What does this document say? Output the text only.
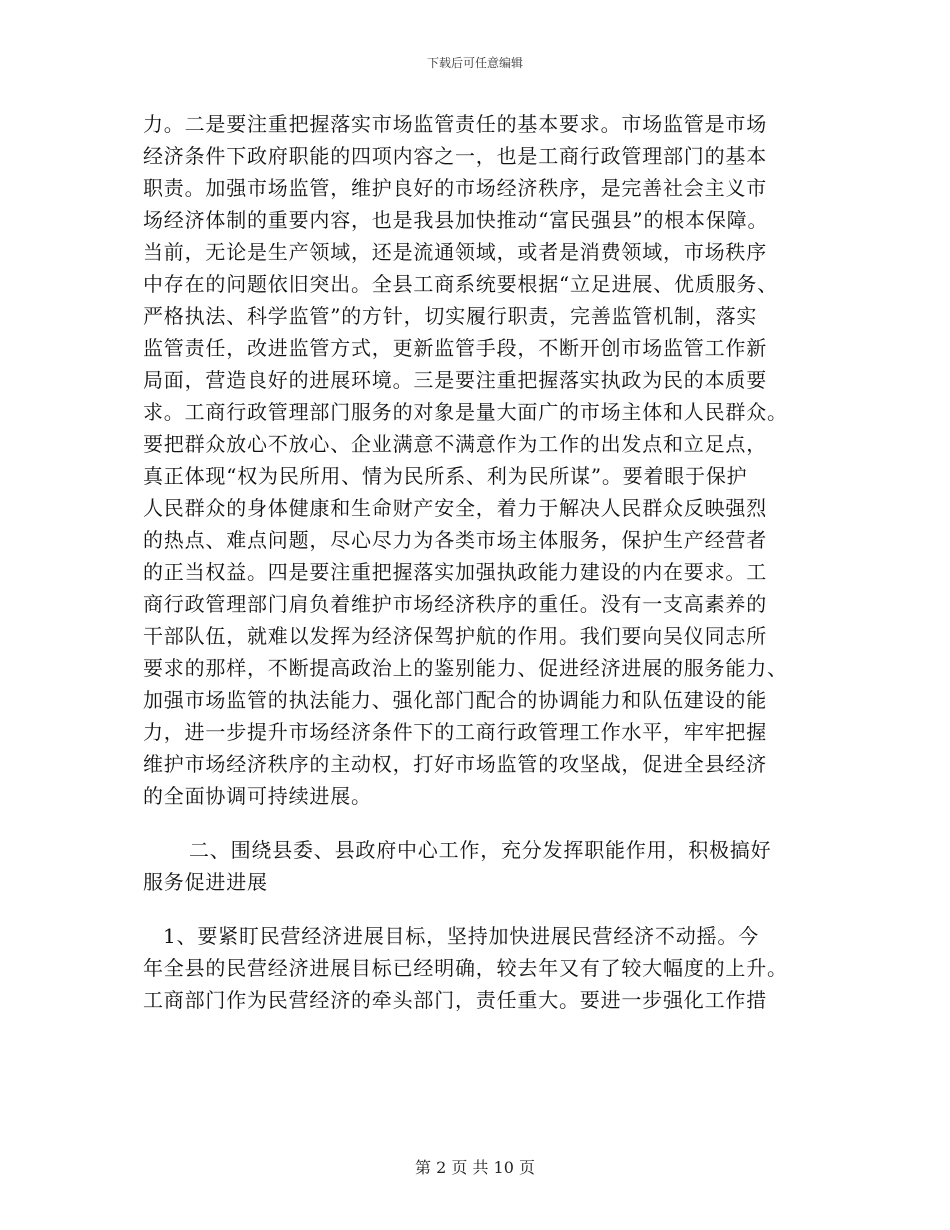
下载后可任意编辑
力。二是要注重把握落实市场监管责任的基本要求。市场监管是市场
经济条件下政府职能的四项内容之一，也是工商行政管理部门的基本
职责。加强市场监管，维护良好的市场经济秩序，是完善社会主义市
场经济体制的重要内容，也是我县加快推动“富民强县”的根本保障。
当前，无论是生产领域，还是流通领域，或者是消费领域，市场秩序
中存在的问题依旧突出。全县工商系统要根据“立足进展、优质服务、
严格执法、科学监管”的方针，切实履行职责，完善监管机制，落实
监管责任，改进监管方式，更新监管手段，不断开创市场监管工作新
局面，营造良好的进展环境。三是要注重把握落实执政为民的本质要
求。工商行政管理部门服务的对象是量大面广的市场主体和人民群众。
要把群众放心不放心、企业满意不满意作为工作的出发点和立足点，
真正体现“权为民所用、情为民所系、利为民所谋”。要着眼于保护
人民群众的身体健康和生命财产安全，着力于解决人民群众反映强烈
的热点、难点问题，尽心尽力为各类市场主体服务，保护生产经营者
的正当权益。四是要注重把握落实加强执政能力建设的内在要求。工
商行政管理部门肩负着维护市场经济秩序的重任。没有一支高素养的
干部队伍，就难以发挥为经济保驾护航的作用。我们要向吴仪同志所
要求的那样，不断提高政治上的鉴别能力、促进经济进展的服务能力、
加强市场监管的执法能力、强化部门配合的协调能力和队伍建设的能
力，进一步提升市场经济条件下的工商行政管理工作水平，牢牢把握
维护市场经济秩序的主动权，打好市场监管的攻坚战，促进全县经济
的全面协调可持续进展。
二、围绕县委、县政府中心工作，充分发挥职能作用，积极搞好
服务促进进展
1、要紧盯民营经济进展目标，坚持加快进展民营经济不动摇。今
年全县的民营经济进展目标已经明确，较去年又有了较大幅度的上升。
工商部门作为民营经济的牵头部门，责任重大。要进一步强化工作措
第 2 页 共 10 页
